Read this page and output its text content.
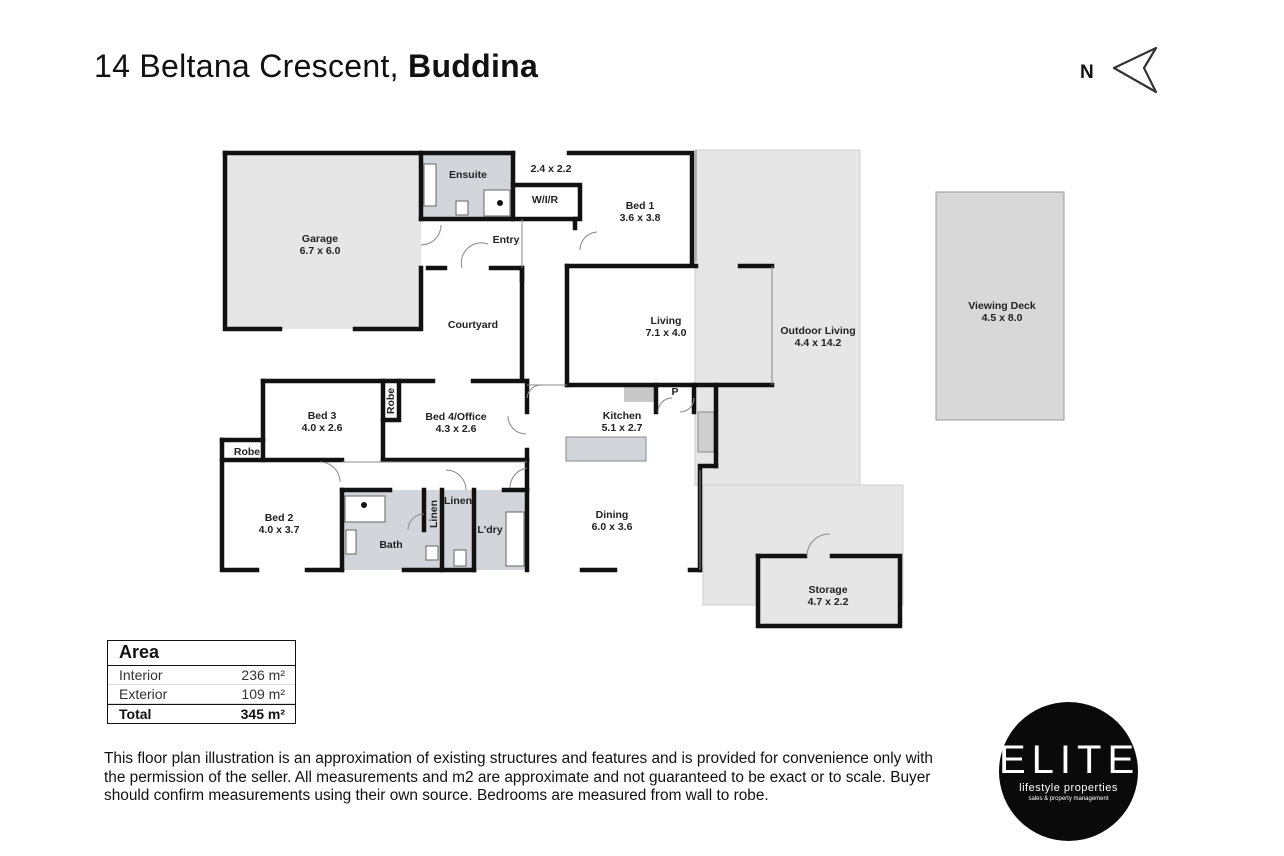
14 Beltana Crescent, Buddina	N
Garage
6.7 x 6.0
Ensuite	2.4 x 2.2
W/I/R	Bed 1
3.6 x 3.8
Entry
Courtyard	Living
7.1 x 4.0	Outdoor Living
4.4 x 14.2
Viewing Deck
4.5 x 8.0
Bed 3
4.0 x 2.6
Bed 4/Office
4.3 x 2.6
Kitchen
5.1 x 2.7
P
Robe
Bed 2
4.0 x 3.7
Bath
Linen
L'dry
Dining
6.0 x 3.6
Storage
4.7 x 2.2
Robe
Linen
Area
Interior	236 m²
Exterior	109 m²
Total	345 m²
This floor plan illustration is an approximation of existing structures and features and is provided for convenience only with the permission of the seller. All measurements and m2 are approximate and not guaranteed to be exact or to scale. Buyer should confirm measurements using their own source. Bedrooms are measured from wall to robe.
ELITE
lifestyle properties
sales & property management
